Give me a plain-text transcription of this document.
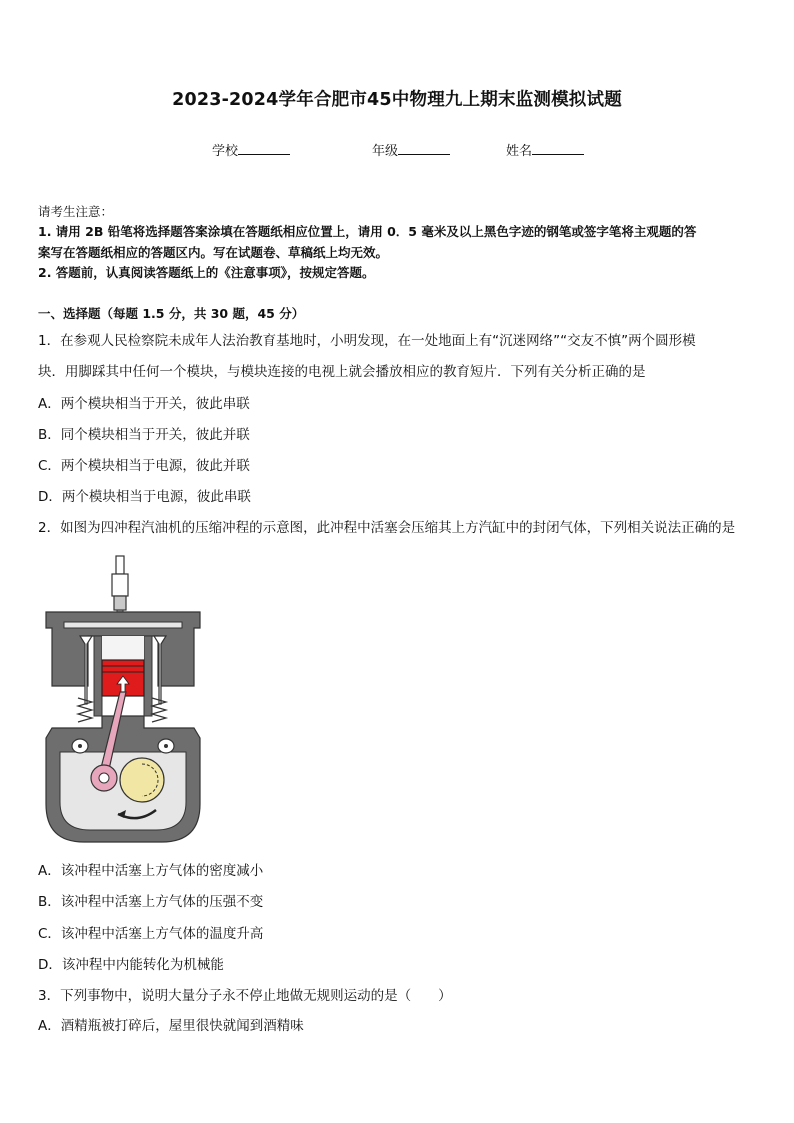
2023-2024学年合肥市45中物理九上期末监测模拟试题
学校	年级	姓名
请考生注意：
1. 请用 2B 铅笔将选择题答案涂填在答题纸相应位置上，请用 0．5 毫米及以上黑色字迹的钢笔或签字笔将主观题的答
案写在答题纸相应的答题区内。写在试题卷、草稿纸上均无效。
2. 答题前，认真阅读答题纸上的《注意事项》，按规定答题。
一、选择题（每题 1.5 分，共 30 题，45 分）
1．在参观人民检察院未成年人法治教育基地时，小明发现，在一处地面上有“沉迷网络”“交友不慎”两个圆形模
块．用脚踩其中任何一个模块，与模块连接的电视上就会播放相应的教育短片．下列有关分析正确的是
A．两个模块相当于开关，彼此串联
B．同个模块相当于开关，彼此并联
C．两个模块相当于电源，彼此并联
D．两个模块相当于电源，彼此串联
2．如图为四冲程汽油机的压缩冲程的示意图，此冲程中活塞会压缩其上方汽缸中的封闭气体，下列相关说法正确的是
A．该冲程中活塞上方气体的密度减小
B．该冲程中活塞上方气体的压强不变
C．该冲程中活塞上方气体的温度升高
D．该冲程中内能转化为机械能
3．下列事物中，说明大量分子永不停止地做无规则运动的是（　　）
A．酒精瓶被打碎后，屋里很快就闻到酒精味
